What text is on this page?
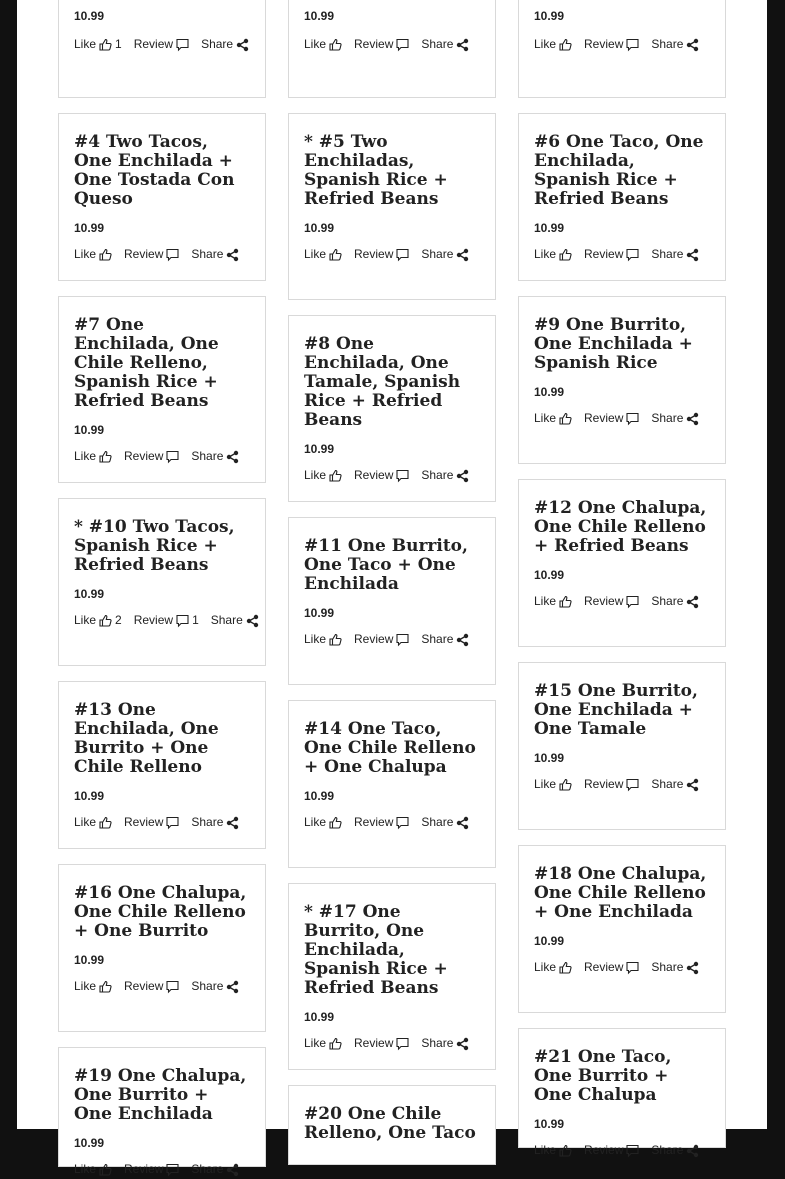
10.99
Like 1 Review Share
#4 Two Tacos, One Enchilada + One Tostada Con Queso
10.99
Like Review Share
#7 One Enchilada, One Chile Relleno, Spanish Rice + Refried Beans
10.99
Like Review Share
* #10 Two Tacos, Spanish Rice + Refried Beans
10.99
Like 2 Review 1 Share
#13 One Enchilada, One Burrito + One Chile Relleno
10.99
Like Review Share
#16 One Chalupa, One Chile Relleno + One Burrito
10.99
Like Review Share
#19 One Chalupa, One Burrito + One Enchilada
10.99
Like Review Share
10.99
Like Review Share
* #5 Two Enchiladas, Spanish Rice + Refried Beans
10.99
Like Review Share
#8 One Enchilada, One Tamale, Spanish Rice + Refried Beans
10.99
Like Review Share
#11 One Burrito, One Taco + One Enchilada
10.99
Like Review Share
#14 One Taco, One Chile Relleno + One Chalupa
10.99
Like Review Share
* #17 One Burrito, One Enchilada, Spanish Rice + Refried Beans
10.99
Like Review Share
#20 One Chile Relleno, One Taco
10.99
Like Review Share
#6 One Taco, One Enchilada, Spanish Rice + Refried Beans
10.99
Like Review Share
#9 One Burrito, One Enchilada + Spanish Rice
10.99
Like Review Share
#12 One Chalupa, One Chile Relleno + Refried Beans
10.99
Like Review Share
#15 One Burrito, One Enchilada + One Tamale
10.99
Like Review Share
#18 One Chalupa, One Chile Relleno + One Enchilada
10.99
Like Review Share
#21 One Taco, One Burrito + One Chalupa
10.99
Like Review Share
